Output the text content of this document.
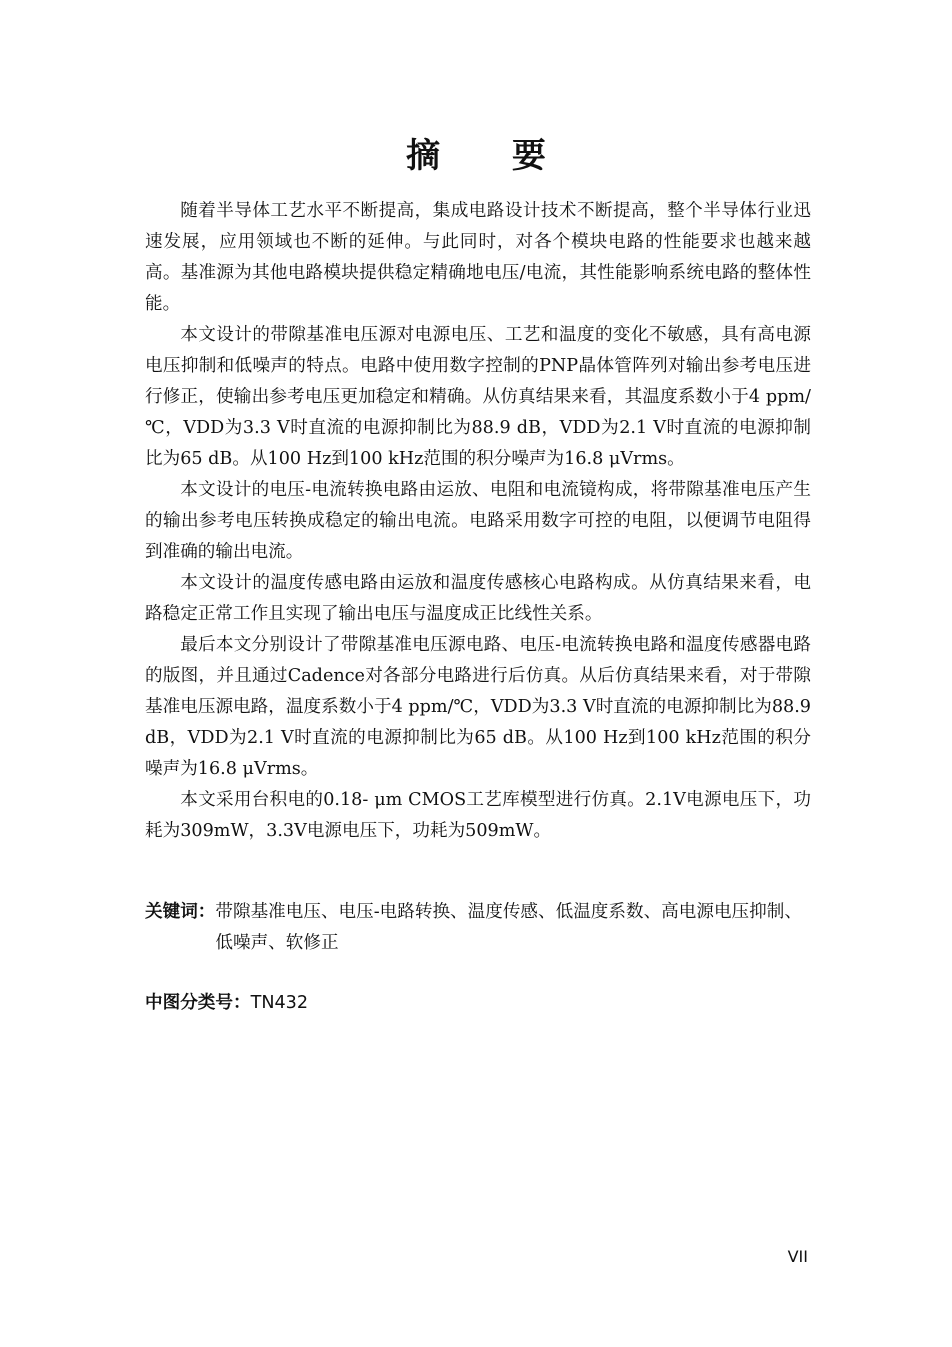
摘 要

随着半导体工艺水平不断提高，集成电路设计技术不断提高，整个半导体行业迅速发展，应用领域也不断的延伸。与此同时，对各个模块电路的性能要求也越来越高。基准源为其他电路模块提供稳定精确地电压/电流，其性能影响系统电路的整体性能。

本文设计的带隙基准电压源对电源电压、工艺和温度的变化不敏感，具有高电源电压抑制和低噪声的特点。电路中使用数字控制的PNP晶体管阵列对输出参考电压进行修正，使输出参考电压更加稳定和精确。从仿真结果来看，其温度系数小于4 ppm/℃，VDD为3.3 V时直流的电源抑制比为88.9 dB，VDD为2.1 V时直流的电源抑制比为65 dB。从100 Hz到100 kHz范围的积分噪声为16.8 μVrms。

本文设计的电压-电流转换电路由运放、电阻和电流镜构成，将带隙基准电压产生的输出参考电压转换成稳定的输出电流。电路采用数字可控的电阻，以便调节电阻得到准确的输出电流。

本文设计的温度传感电路由运放和温度传感核心电路构成。从仿真结果来看，电路稳定正常工作且实现了输出电压与温度成正比线性关系。

最后本文分别设计了带隙基准电压源电路、电压-电流转换电路和温度传感器电路的版图，并且通过Cadence对各部分电路进行后仿真。从后仿真结果来看，对于带隙基准电压源电路，温度系数小于4 ppm/℃，VDD为3.3 V时直流的电源抑制比为88.9 dB，VDD为2.1 V时直流的电源抑制比为65 dB。从100 Hz到100 kHz范围的积分噪声为16.8 μVrms。

本文采用台积电的0.18- μm CMOS工艺库模型进行仿真。2.1V电源电压下，功耗为309mW，3.3V电源电压下，功耗为509mW。

关键词： 带隙基准电压、电压-电路转换、温度传感、低温度系数、高电源电压抑制、低噪声、软修正
中图分类号：TN432
VII
